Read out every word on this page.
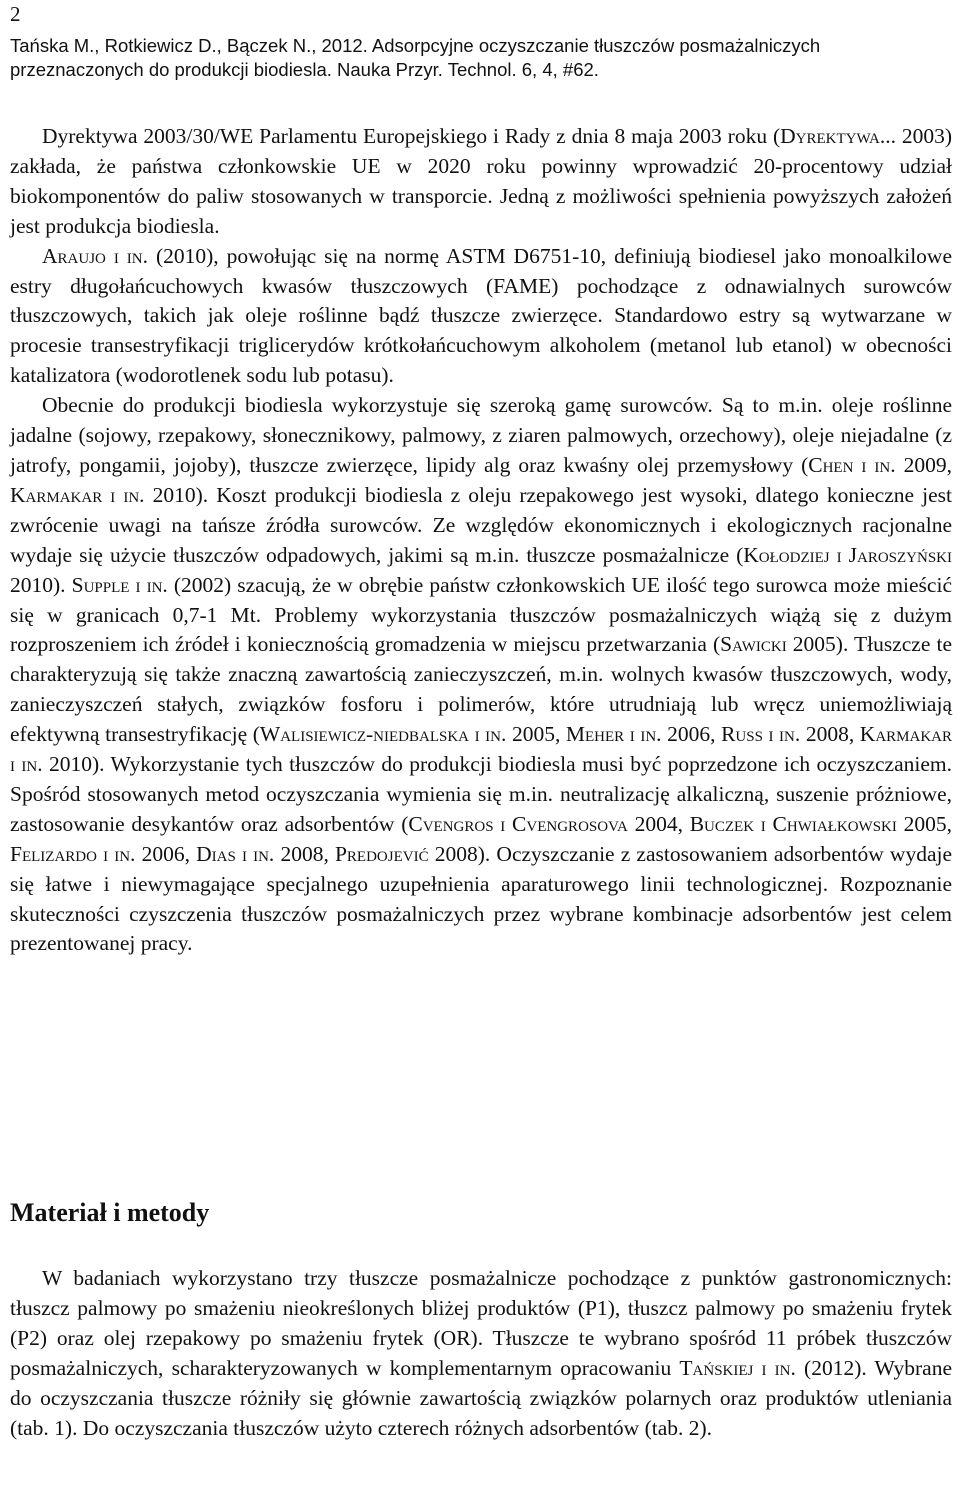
2
Tańska M., Rotkiewicz D., Bączek N., 2012. Adsorpcyjne oczyszczanie tłuszczów posmażalniczych przeznaczonych do produkcji biodiesla. Nauka Przyr. Technol. 6, 4, #62.

Dyrektywa 2003/30/WE Parlamentu Europejskiego i Rady z dnia 8 maja 2003 roku (Dyrektywa... 2003) zakłada, że państwa członkowskie UE w 2020 roku powinny wprowadzić 20-procentowy udział biokomponentów do paliw stosowanych w transporcie. Jedną z możliwości spełnienia powyższych założeń jest produkcja biodiesla.

Araujo i in. (2010), powołując się na normę ASTM D6751-10, definiują biodiesel jako monoalkilowe estry długołańcuchowych kwasów tłuszczowych (FAME) pochodzące z odnawialnych surowców tłuszczowych, takich jak oleje roślinne bądź tłuszcze zwierzęce. Standardowo estry są wytwarzane w procesie transestryfikacji triglicerydów krótkołańcuchowym alkoholem (metanol lub etanol) w obecności katalizatora (wodorotlenek sodu lub potasu).

Obecnie do produkcji biodiesla wykorzystuje się szeroką gamę surowców. Są to m.in. oleje roślinne jadalne (sojowy, rzepakowy, słonecznikowy, palmowy, z ziaren palmowych, orzechowy), oleje niejadalne (z jatrofy, pongamii, jojoby), tłuszcze zwierzęce, lipidy alg oraz kwaśny olej przemysłowy (Chen i in. 2009, Karmakar i in. 2010). Koszt produkcji biodiesla z oleju rzepakowego jest wysoki, dlatego konieczne jest zwrócenie uwagi na tańsze źródła surowców. Ze względów ekonomicznych i ekologicznych racjonalne wydaje się użycie tłuszczów odpadowych, jakimi są m.in. tłuszcze posmażalnicze (Kołodziej i Jaroszyński 2010). Supple i in. (2002) szacują, że w obrębie państw członkowskich UE ilość tego surowca może mieścić się w granicach 0,7-1 Mt. Problemy wykorzystania tłuszczów posmażalniczych wiążą się z dużym rozproszeniem ich źródeł i koniecznością gromadzenia w miejscu przetwarzania (Sawicki 2005). Tłuszcze te charakteryzują się także znaczną zawartością zanieczyszczeń, m.in. wolnych kwasów tłuszczowych, wody, zanieczyszczeń stałych, związków fosforu i polimerów, które utrudniają lub wręcz uniemożliwiają efektywną transestryfikację (Walisiewicz-niedbalska i in. 2005, Meher i in. 2006, Russ i in. 2008, Karmakar i in. 2010). Wykorzystanie tych tłuszczów do produkcji biodiesla musi być poprzedzone ich oczyszczaniem. Spośród stosowanych metod oczyszczania wymienia się m.in. neutralizację alkaliczną, suszenie próżniowe, zastosowanie desykantów oraz adsorbentów (Cvengros i Cvengrosova 2004, Buczek i Chwiałkowski 2005, Felizardo i in. 2006, Dias i in. 2008, Predojević 2008). Oczyszczanie z zastosowaniem adsorbentów wydaje się łatwe i niewymagające specjalnego uzupełnienia aparaturowego linii technologicznej. Rozpoznanie skuteczności czyszczenia tłuszczów posmażalniczych przez wybrane kombinacje adsorbentów jest celem prezentowanej pracy.

Materiał i metody

W badaniach wykorzystano trzy tłuszcze posmażalnicze pochodzące z punktów gastronomicznych: tłuszcz palmowy po smażeniu nieokreślonych bliżej produktów (P1), tłuszcz palmowy po smażeniu frytek (P2) oraz olej rzepakowy po smażeniu frytek (OR). Tłuszcze te wybrano spośród 11 próbek tłuszczów posmażalniczych, scharakteryzowanych w komplementarnym opracowaniu Tańskiej i in. (2012). Wybrane do oczyszczania tłuszcze różniły się głównie zawartością związków polarnych oraz produktów utleniania (tab. 1). Do oczyszczania tłuszczów użyto czterech różnych adsorbentów (tab. 2).
